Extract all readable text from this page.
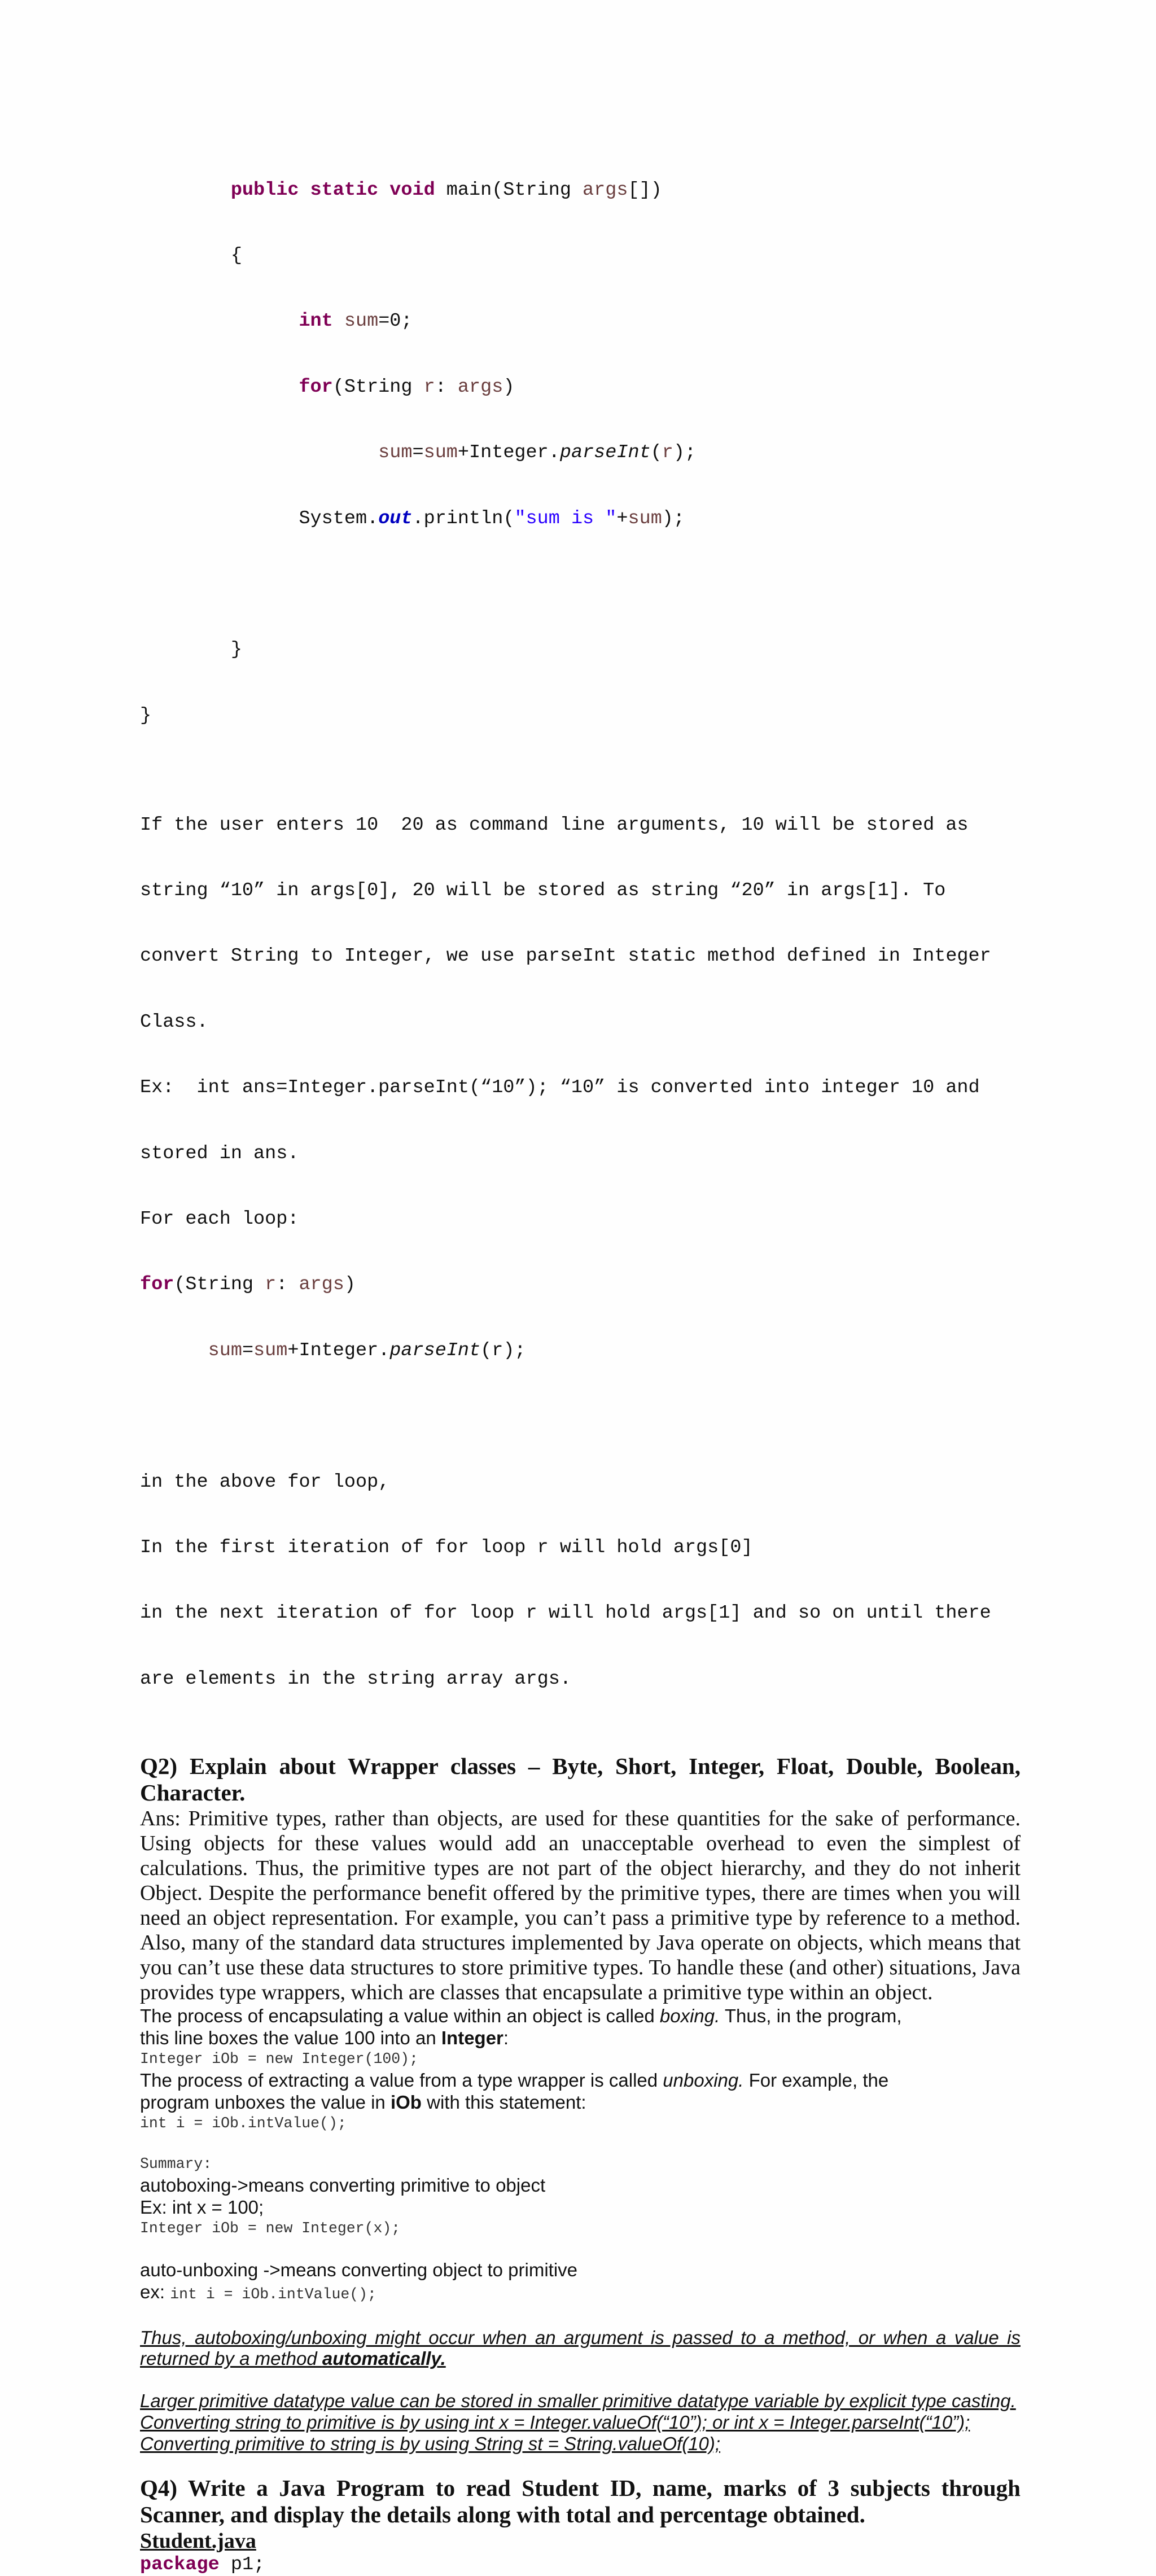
public static void main(String args[])

{

int sum=0;

for(String r: args)

sum=sum+Integer.parseInt(r);

System.out.println("sum is "+sum);

}

}

If the user enters 10  20 as command line arguments, 10 will be stored as

string “10” in args[0], 20 will be stored as string “20” in args[1]. To

convert String to Integer, we use parseInt static method defined in Integer

Class.

Ex:  int ans=Integer.parseInt(“10”); “10” is converted into integer 10 and

stored in ans.

For each loop:

for(String r: args)

sum=sum+Integer.parseInt(r);

in the above for loop,

In the first iteration of for loop r will hold args[0]

in the next iteration of for loop r will hold args[1] and so on until there

are elements in the string array args.

Q2) Explain about Wrapper classes – Byte, Short, Integer, Float, Double, Boolean, Character.

Ans: Primitive types, rather than objects, are used for these quantities for the sake of performance. Using objects for these values would add an unacceptable overhead to even the simplest of calculations. Thus, the primitive types are not part of the object hierarchy, and they do not inherit Object. Despite the performance benefit offered by the primitive types, there are times when you will need an object representation. For example, you can’t pass a primitive type by reference to a method. Also, many of the standard data structures implemented by Java operate on objects, which means that you can’t use these data structures to store primitive types. To handle these (and other) situations, Java provides type wrappers, which are classes that encapsulate a primitive type within an object.

The process of encapsulating a value within an object is called boxing. Thus, in the program,
this line boxes the value 100 into an Integer:
Integer iOb = new Integer(100);
The process of extracting a value from a type wrapper is called unboxing. For example, the
program unboxes the value in iOb with this statement:
int i = iOb.intValue();
Summary:
autoboxing->means converting primitive to object
Ex: int x = 100;
Integer iOb = new Integer(x);
auto-unboxing ->means converting object to primitive
ex: int i = iOb.intValue();
Thus, autoboxing/unboxing might occur when an argument is passed to a method, or when a value is returned by a method automatically.
Larger primitive datatype value can be stored in smaller primitive datatype variable by explicit type casting.
Converting string to primitive is by using int x = Integer.valueOf(“10”); or int x = Integer.parseInt(“10”);
Converting primitive to string is by using String st = String.valueOf(10);

Q4) Write a Java Program to read Student ID, name, marks of 3 subjects through Scanner, and display the details along with total and percentage obtained.

Student.java
package p1;
